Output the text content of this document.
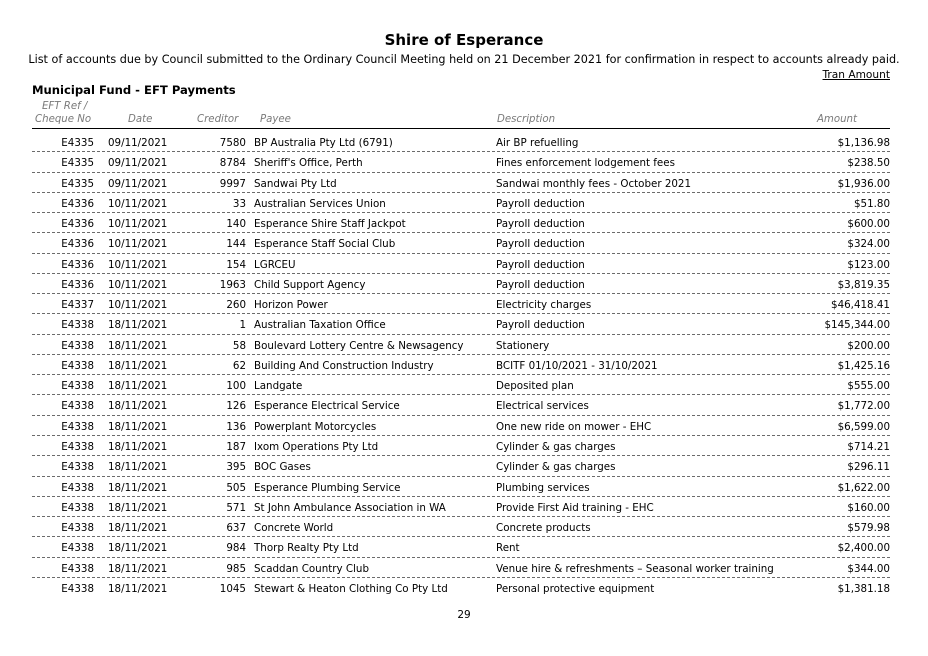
Shire of Esperance
List of accounts due by Council submitted to the Ordinary Council Meeting held on 21 December 2021 for confirmation in respect to accounts already paid.
Tran Amount
Municipal Fund - EFT Payments
EFT Ref /
Cheque No	Date	Creditor Payee	Description	Amount
E4335 09/11/2021	7580 BP Australia Pty Ltd (6791)	Air BP refuelling	$1,136.98
E4335 09/11/2021	8784 Sheriff's Office, Perth	Fines enforcement lodgement fees	$238.50
E4335 09/11/2021	9997 Sandwai Pty Ltd	Sandwai monthly fees - October 2021	$1,936.00
E4336 10/11/2021	33 Australian Services Union	Payroll deduction	$51.80
E4336 10/11/2021	140 Esperance Shire Staff Jackpot	Payroll deduction	$600.00
E4336 10/11/2021	144 Esperance Staff Social Club	Payroll deduction	$324.00
E4336 10/11/2021	154 LGRCEU	Payroll deduction	$123.00
E4336 10/11/2021	1963 Child Support Agency	Payroll deduction	$3,819.35
E4337 10/11/2021	260 Horizon Power	Electricity charges	$46,418.41
E4338 18/11/2021	1 Australian Taxation Office	Payroll deduction	$145,344.00
E4338 18/11/2021	58 Boulevard Lottery Centre & Newsagency	Stationery	$200.00
E4338 18/11/2021	62 Building And Construction Industry	BCITF 01/10/2021 - 31/10/2021	$1,425.16
E4338 18/11/2021	100 Landgate	Deposited plan	$555.00
E4338 18/11/2021	126 Esperance Electrical Service	Electrical services	$1,772.00
E4338 18/11/2021	136 Powerplant Motorcycles	One new ride on mower - EHC	$6,599.00
E4338 18/11/2021	187 Ixom Operations Pty Ltd	Cylinder & gas charges	$714.21
E4338 18/11/2021	395 BOC Gases	Cylinder & gas charges	$296.11
E4338 18/11/2021	505 Esperance Plumbing Service	Plumbing services	$1,622.00
E4338 18/11/2021	571 St John Ambulance Association in WA	Provide First Aid training - EHC	$160.00
E4338 18/11/2021	637 Concrete World	Concrete products	$579.98
E4338 18/11/2021	984 Thorp Realty Pty Ltd	Rent	$2,400.00
E4338 18/11/2021	985 Scaddan Country Club	Venue hire & refreshments – Seasonal worker training	$344.00
E4338 18/11/2021	1045 Stewart & Heaton Clothing Co Pty Ltd	Personal protective equipment	$1,381.18
29
